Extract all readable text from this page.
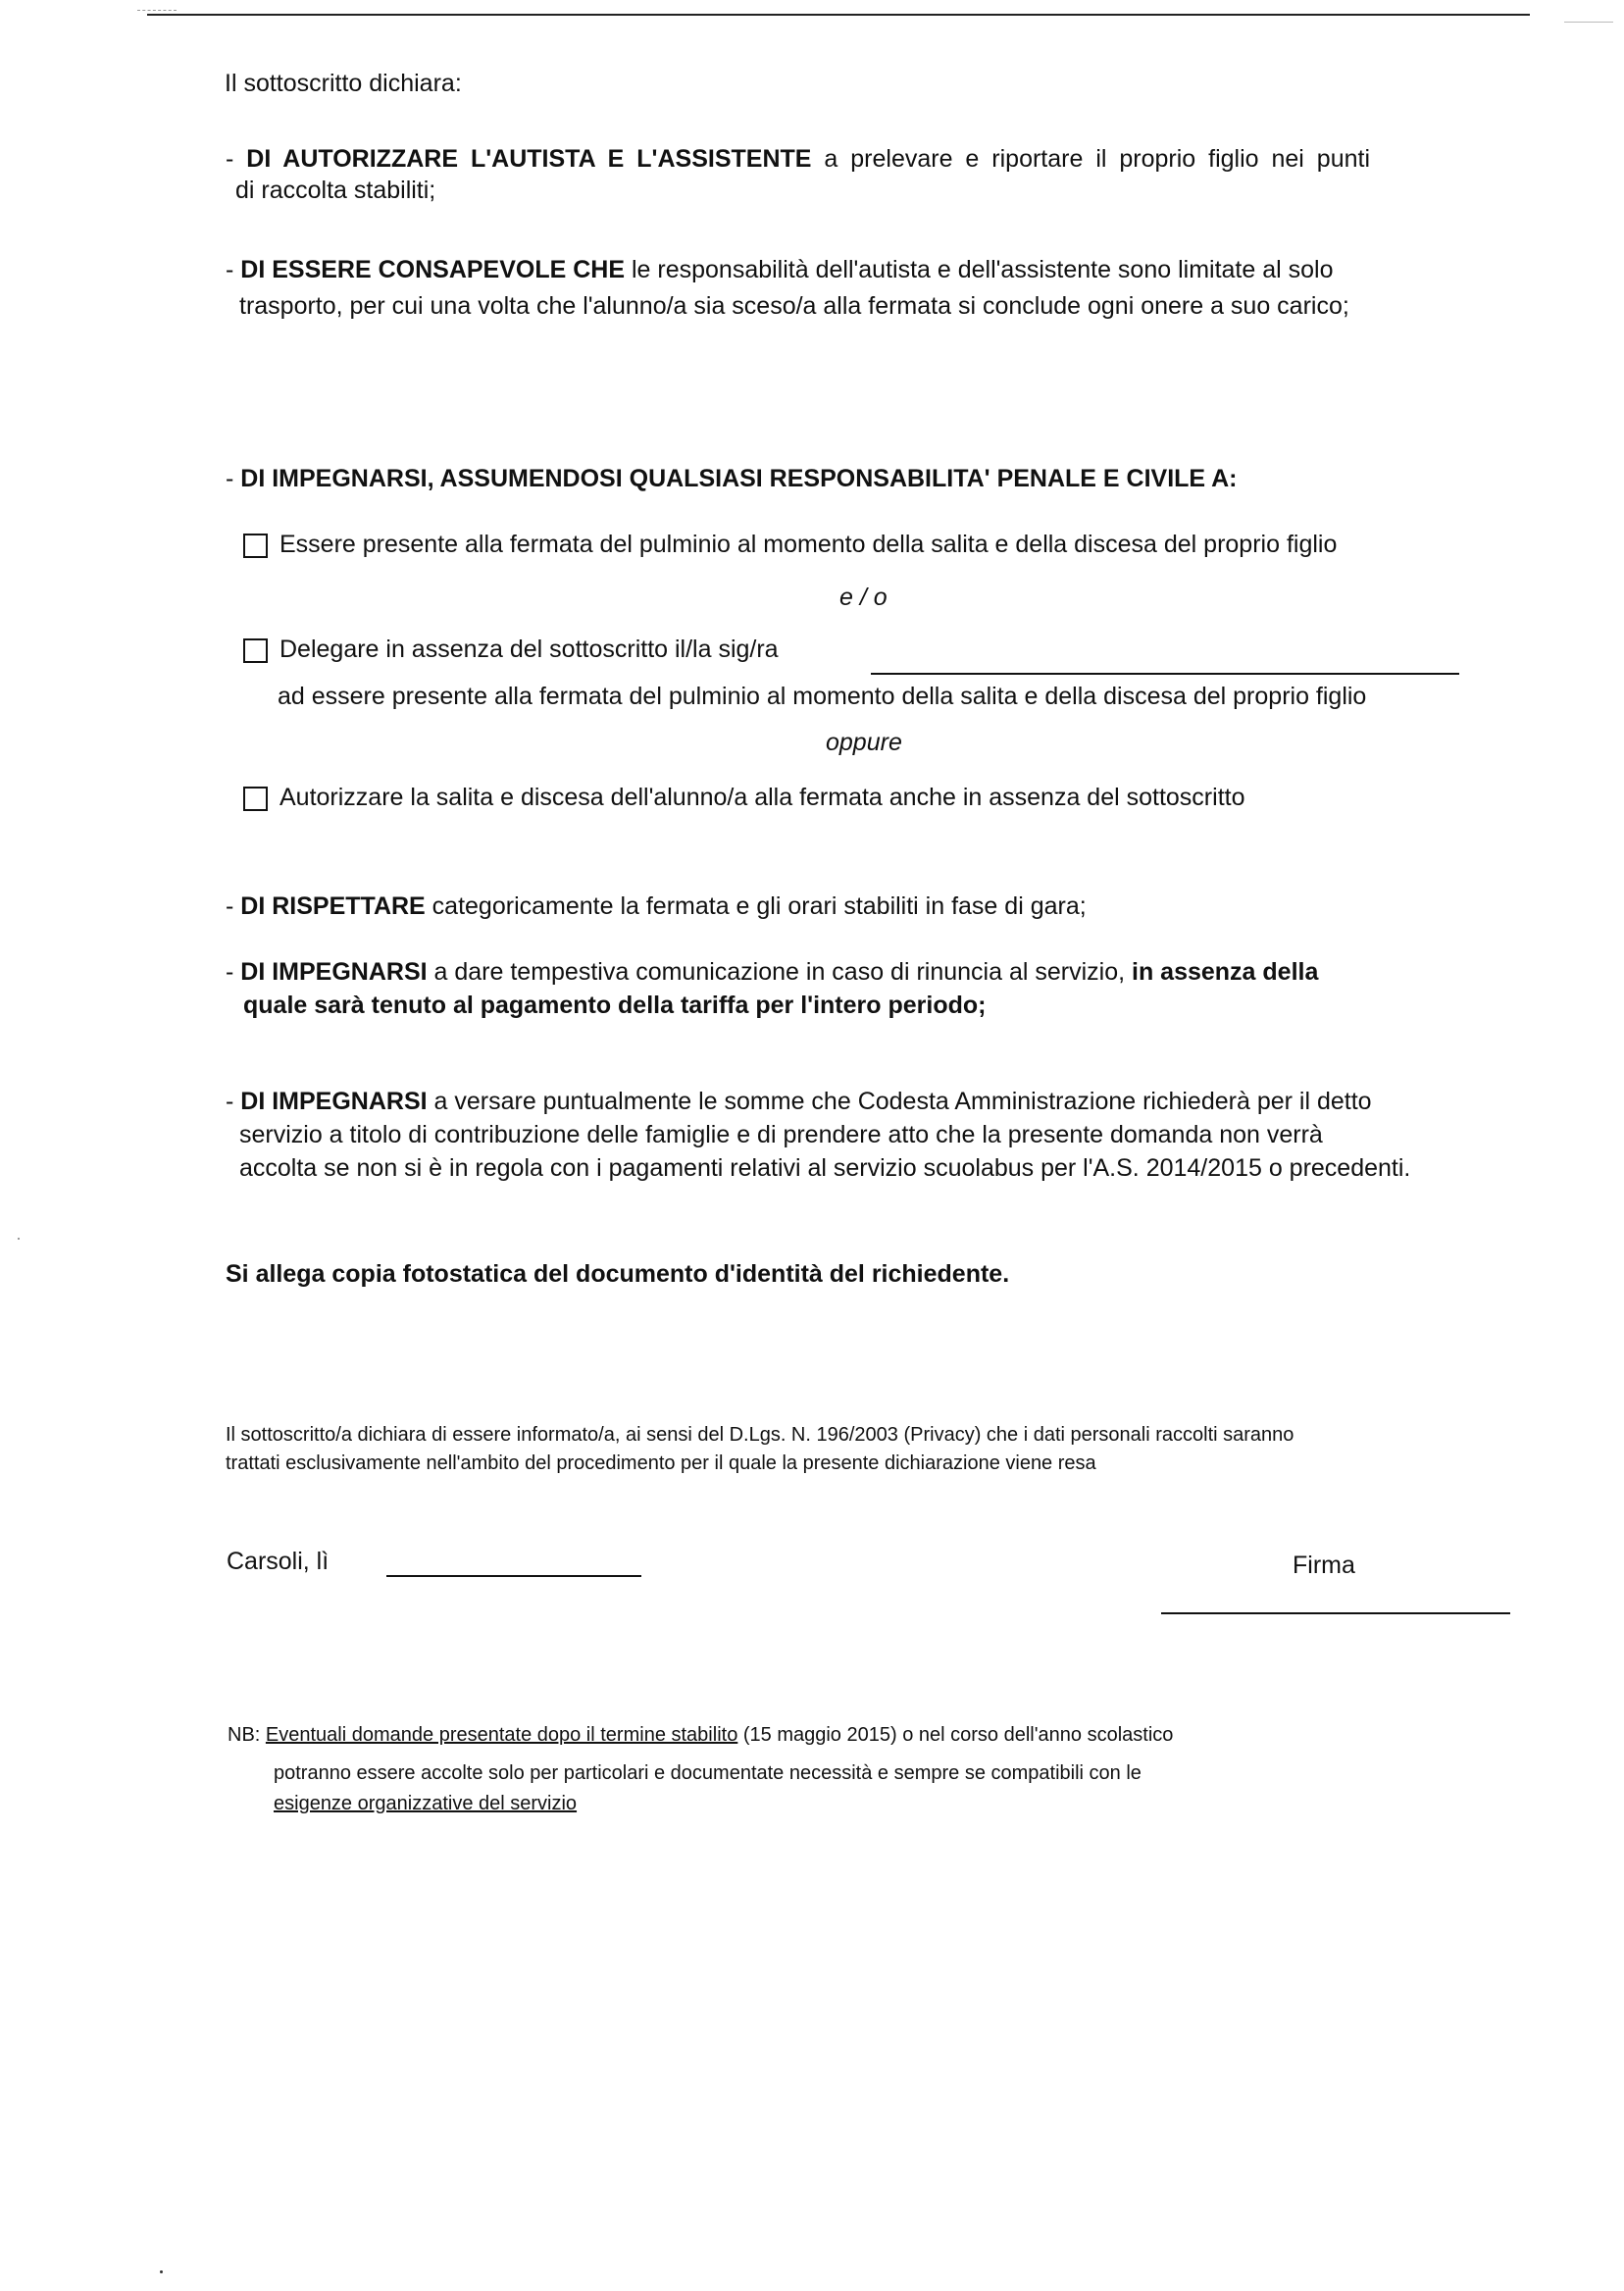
Il sottoscritto dichiara:
- DI AUTORIZZARE L'AUTISTA E L'ASSISTENTE a prelevare e riportare il proprio figlio nei punti
di raccolta stabiliti;
- DI ESSERE CONSAPEVOLE CHE le responsabilità dell'autista e dell'assistente sono limitate al solo
trasporto, per cui una volta che l'alunno/a sia sceso/a alla fermata si conclude ogni onere a suo carico;
- DI IMPEGNARSI, ASSUMENDOSI QUALSIASI RESPONSABILITA' PENALE E CIVILE A:
Essere presente alla fermata del pulminio al momento della salita e della discesa del proprio figlio
e / o
Delegare in assenza del sottoscritto il/la sig/ra
ad essere presente alla fermata del pulminio al momento della salita e della discesa del proprio figlio
oppure
Autorizzare la salita e discesa dell'alunno/a alla fermata anche in assenza del sottoscritto
- DI RISPETTARE categoricamente la fermata e gli orari stabiliti in fase di gara;
- DI IMPEGNARSI a dare tempestiva comunicazione in caso di rinuncia al servizio, in assenza della
quale sarà tenuto al pagamento della tariffa per l'intero periodo;
- DI IMPEGNARSI a versare puntualmente le somme che Codesta Amministrazione richiederà per il detto
servizio a titolo di contribuzione delle famiglie e di prendere atto che la presente domanda non verrà
accolta se non si è in regola con i pagamenti relativi al servizio scuolabus per l'A.S. 2014/2015 o precedenti.
Si allega copia fotostatica del documento d'identità del richiedente.
Il sottoscritto/a dichiara di essere informato/a, ai sensi del D.Lgs. N. 196/2003 (Privacy) che i dati personali raccolti saranno
trattati esclusivamente nell'ambito del procedimento per il quale la presente dichiarazione viene resa
Carsoli, lì	Firma
NB: Eventuali domande presentate dopo il termine stabilito (15 maggio 2015) o nel corso dell'anno scolastico
potranno essere accolte solo per particolari e documentate necessità e sempre se compatibili con le
esigenze organizzative del servizio
